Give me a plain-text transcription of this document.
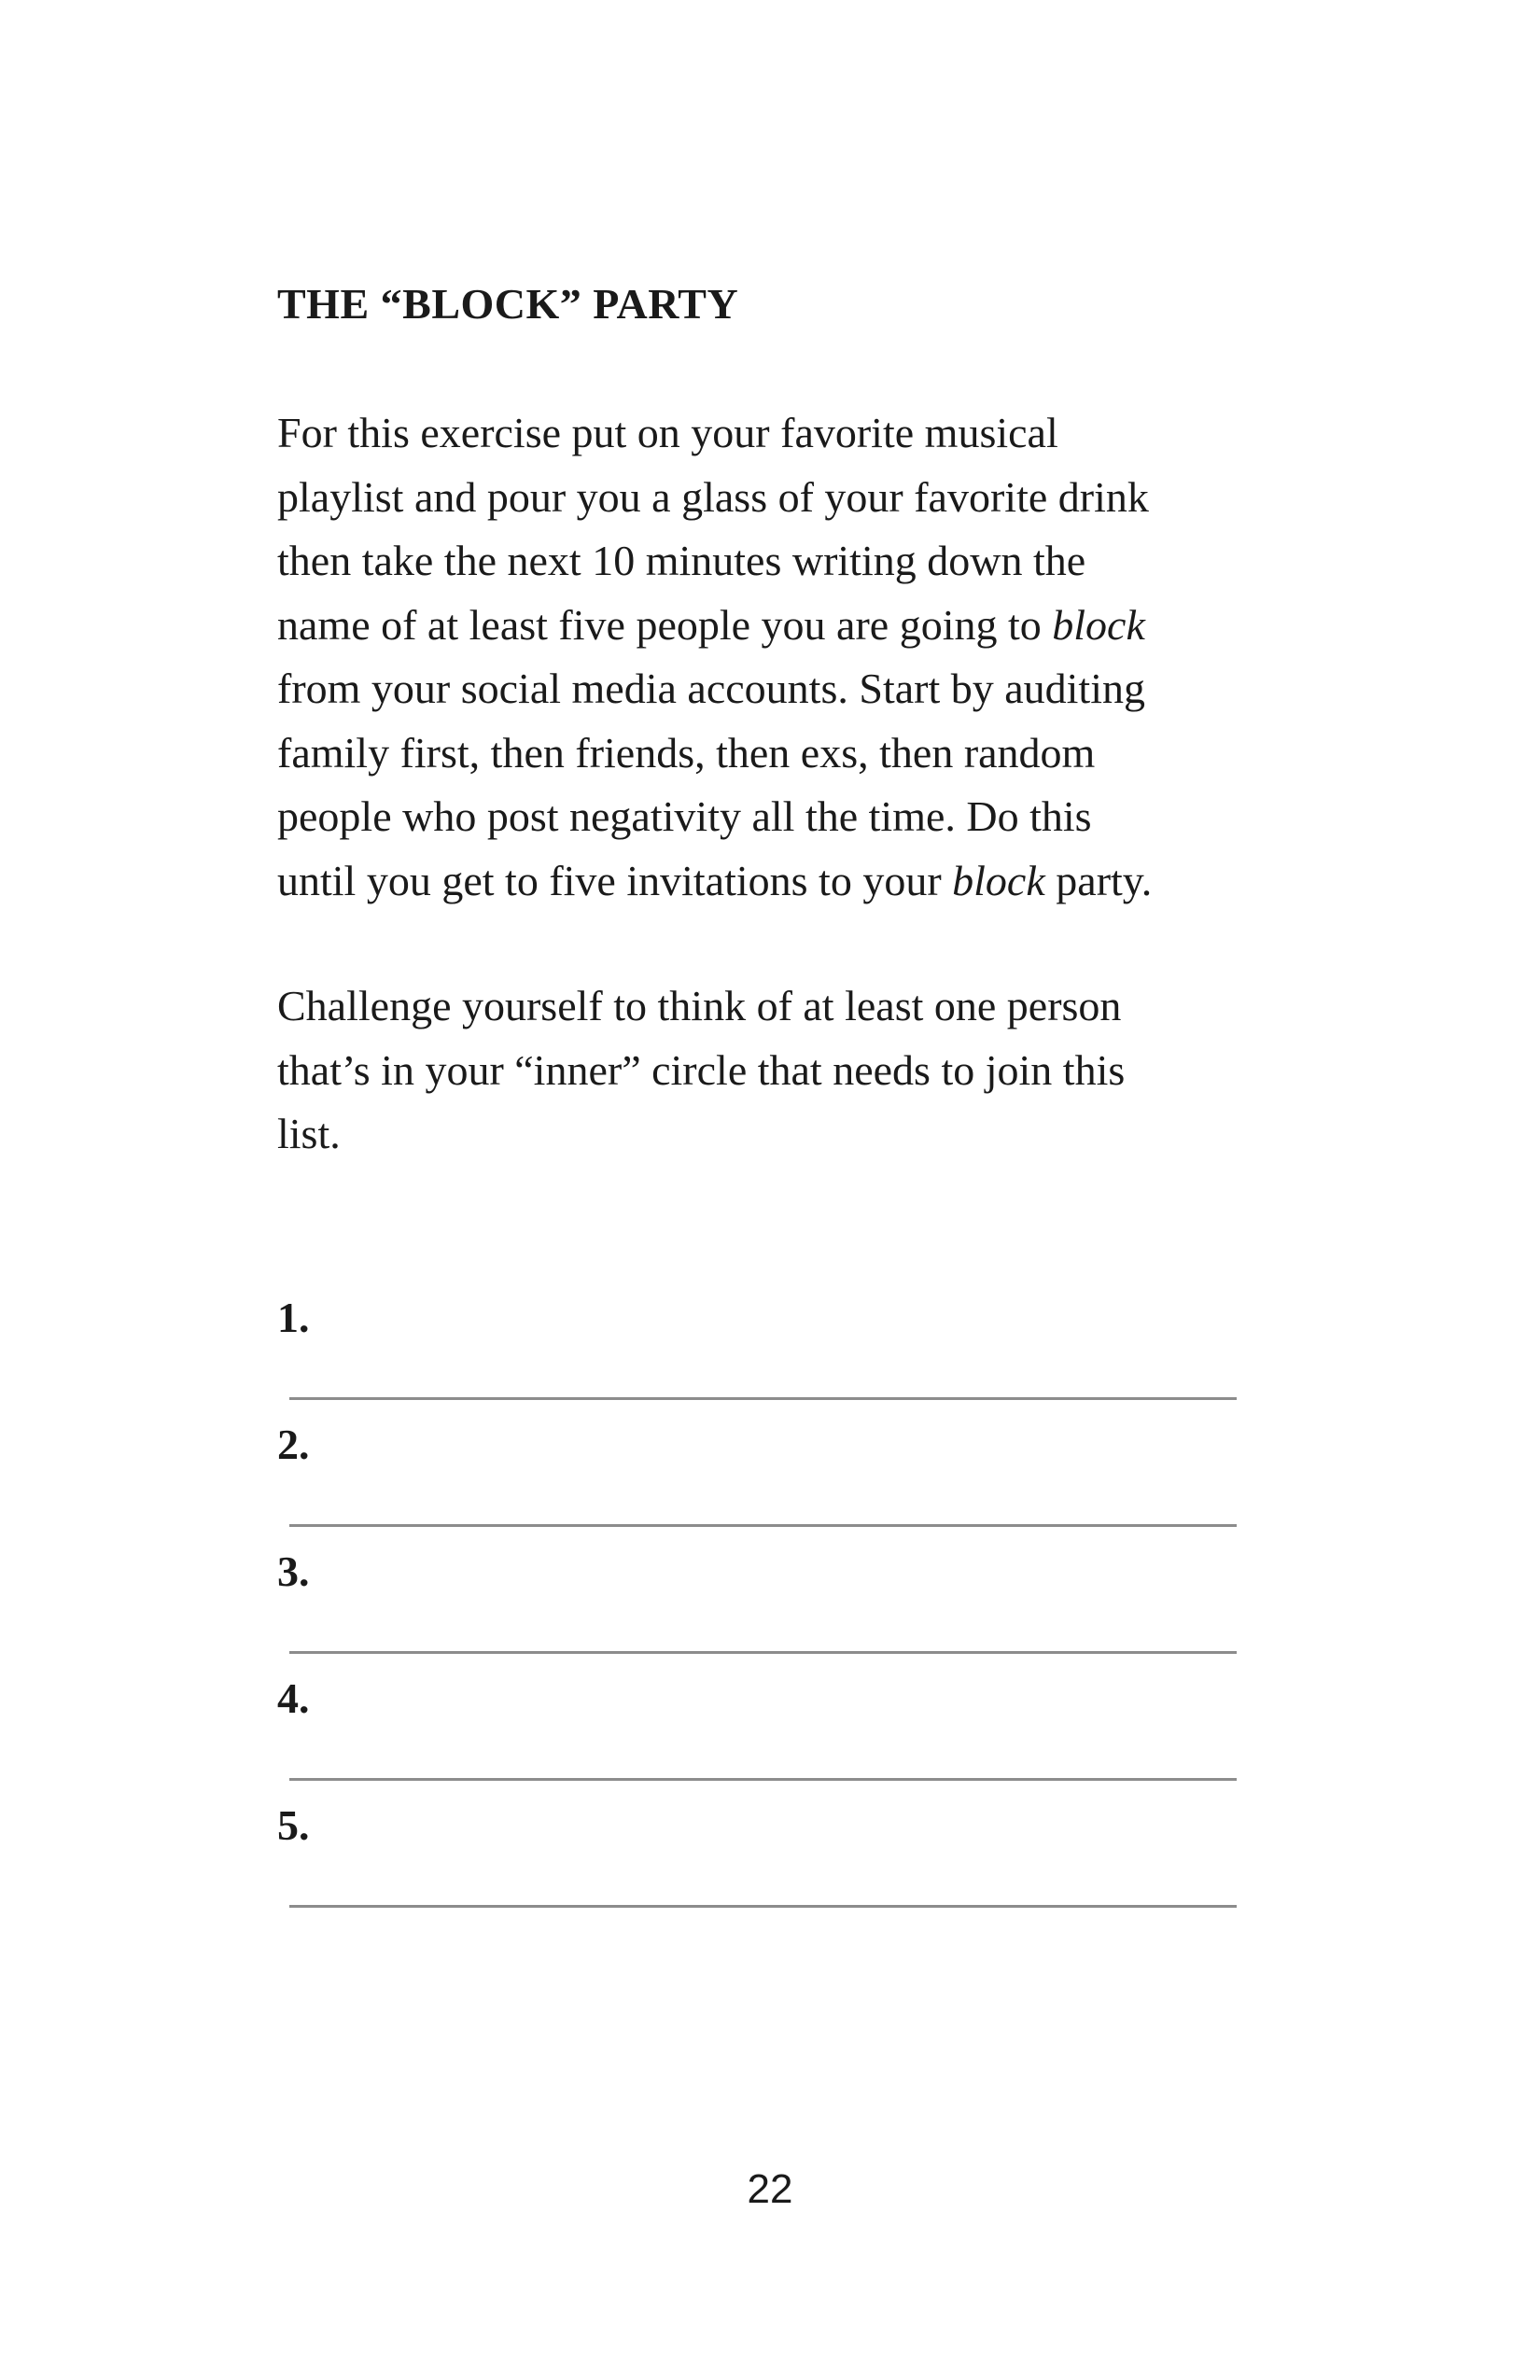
THE “BLOCK” PARTY

For this exercise put on your favorite musical
playlist and pour you a glass of your favorite drink
then take the next 10 minutes writing down the
name of at least five people you are going to block
from your social media accounts. Start by auditing
family first, then friends, then exs, then random
people who post negativity all the time. Do this
until you get to five invitations to your block party.

Challenge yourself to think of at least one person
that’s in your “inner” circle that needs to join this
list.

1.
2.
3.
4.
5.
22
